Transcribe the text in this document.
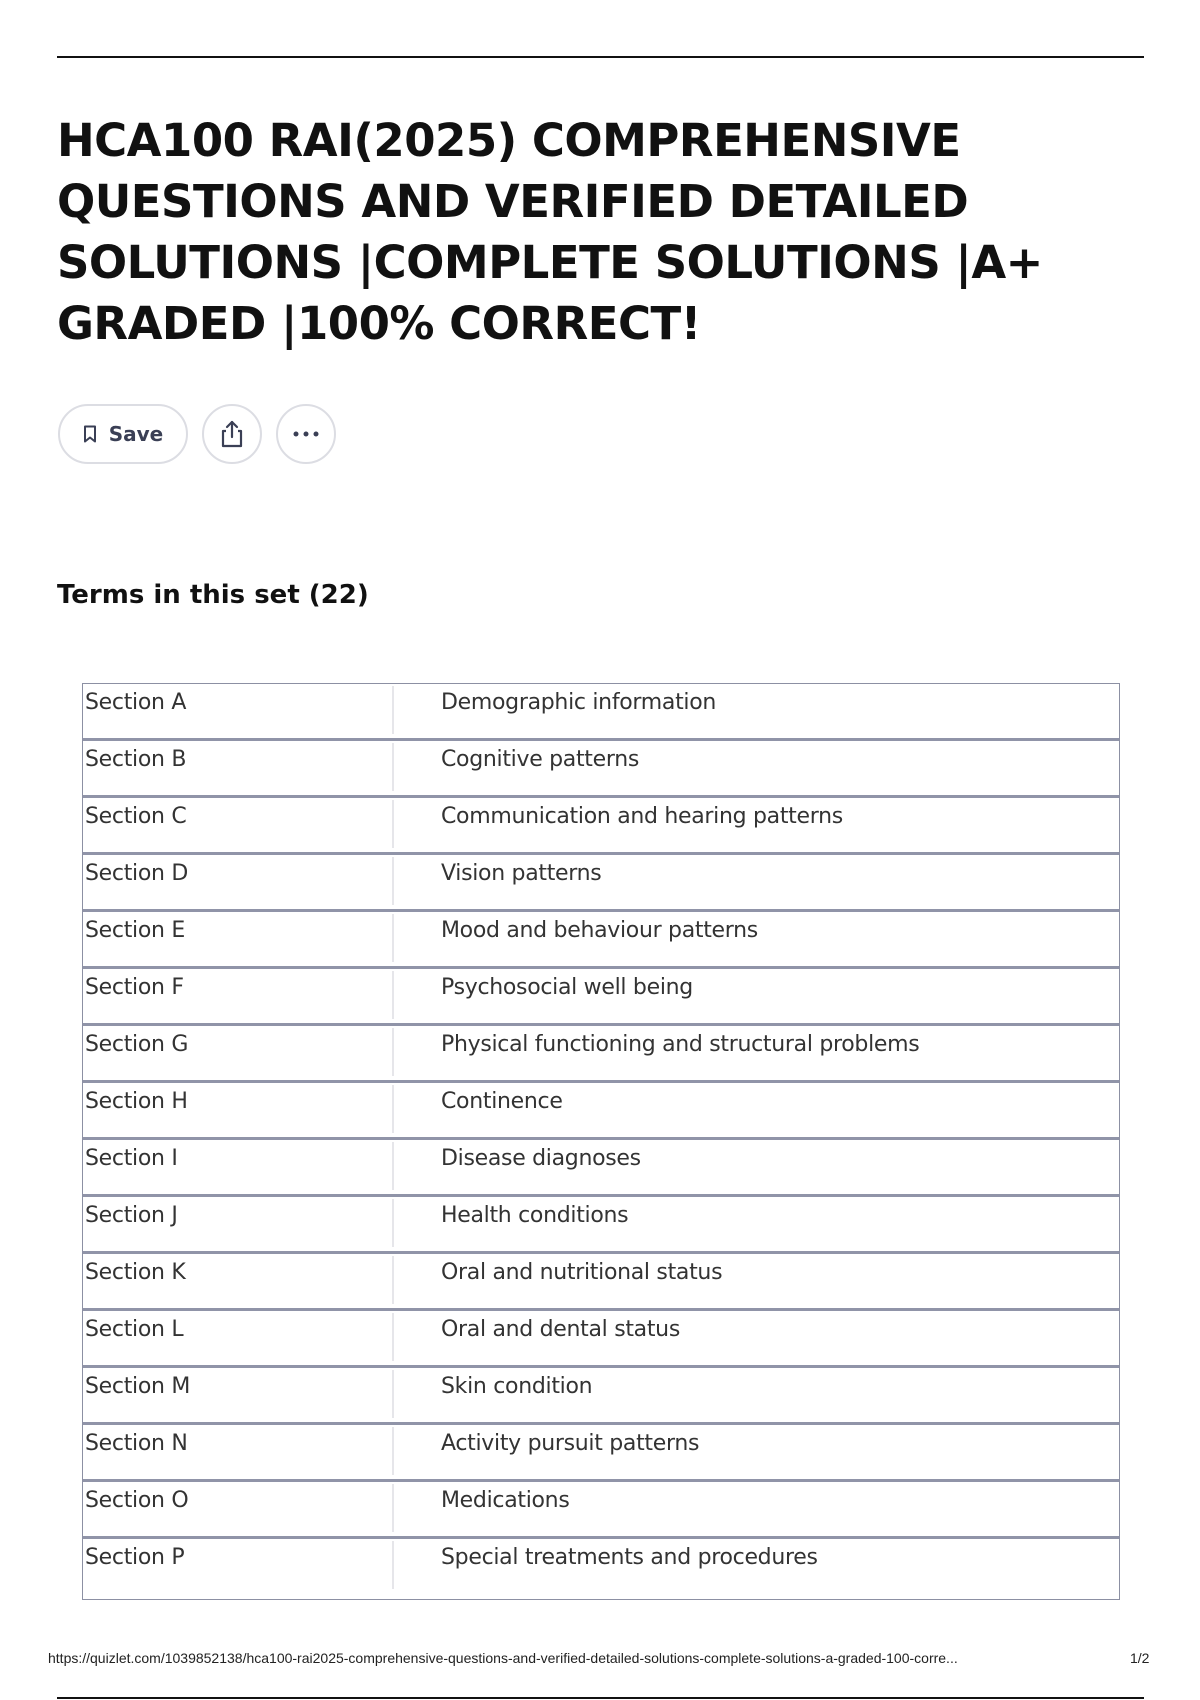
HCA100 RAI(2025) COMPREHENSIVE QUESTIONS AND VERIFIED DETAILED SOLUTIONS |COMPLETE SOLUTIONS |A+ GRADED |100% CORRECT!
Save
Terms in this set (22)
Section A	Demographic information
Section B	Cognitive patterns
Section C	Communication and hearing patterns
Section D	Vision patterns
Section E	Mood and behaviour patterns
Section F	Psychosocial well being
Section G	Physical functioning and structural problems
Section H	Continence
Section I	Disease diagnoses
Section J	Health conditions
Section K	Oral and nutritional status
Section L	Oral and dental status
Section M	Skin condition
Section N	Activity pursuit patterns
Section O	Medications
Section P	Special treatments and procedures
https://quizlet.com/1039852138/hca100-rai2025-comprehensive-questions-and-verified-detailed-solutions-complete-solutions-a-graded-100-corre...	1/2
